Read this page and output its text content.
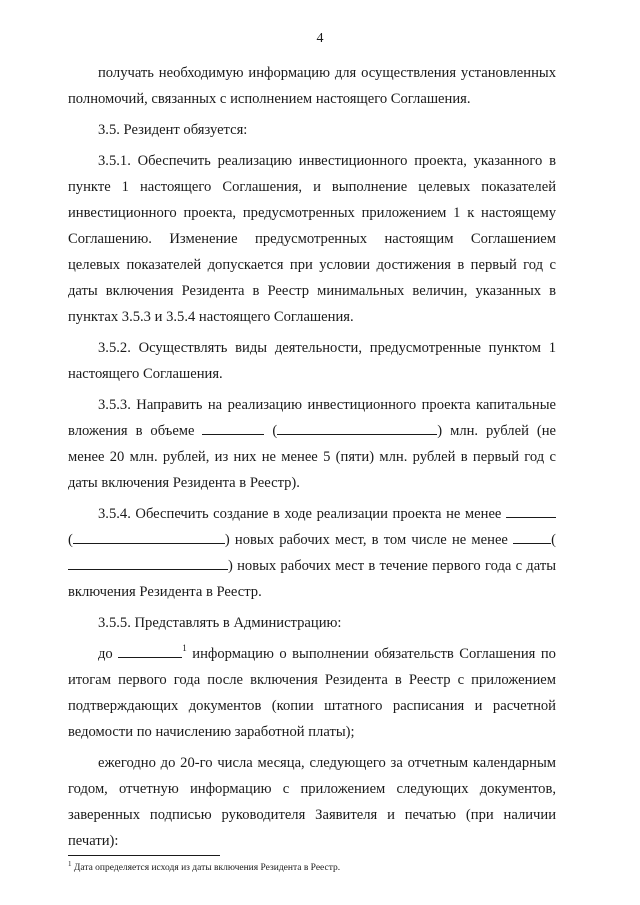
4

получать необходимую информацию для осуществления установленных полномочий, связанных с исполнением настоящего Соглашения.

3.5. Резидент обязуется:

3.5.1. Обеспечить реализацию инвестиционного проекта, указанного в пункте 1 настоящего Соглашения, и выполнение целевых показателей инвестиционного проекта, предусмотренных приложением 1 к настоящему Соглашению. Изменение предусмотренных настоящим Соглашением целевых показателей допускается при условии достижения в первый год с даты включения Резидента в Реестр минимальных величин, указанных в пунктах 3.5.3 и 3.5.4 настоящего Соглашения.

3.5.2. Осуществлять виды деятельности, предусмотренные пунктом 1 настоящего Соглашения.

3.5.3. Направить на реализацию инвестиционного проекта капитальные вложения в объеме	(	) млн. рублей (не менее 20 млн. рублей, из них не менее 5 (пяти) млн. рублей в первый год с даты включения Резидента в Реестр).

3.5.4. Обеспечить создание в ходе реализации проекта не менее  (	) новых рабочих мест, в том числе не менее	() новых рабочих мест в течение первого года с даты включения Резидента в Реестр.

3.5.5. Представлять в Администрацию:

до	$^1$ информацию о выполнении обязательств Соглашения по итогам первого года после включения Резидента в Реестр с приложением подтверждающих документов (копии штатного расписания и расчетной ведомости по начислению заработной платы);

ежегодно до 20-го числа месяца, следующего за отчетным календарным годом, отчетную информацию с приложением следующих документов, заверенных подписью руководителя Заявителя и печатью (при наличии печати):

$^1$ Дата определяется исходя из даты включения Резидента в Реестр.
